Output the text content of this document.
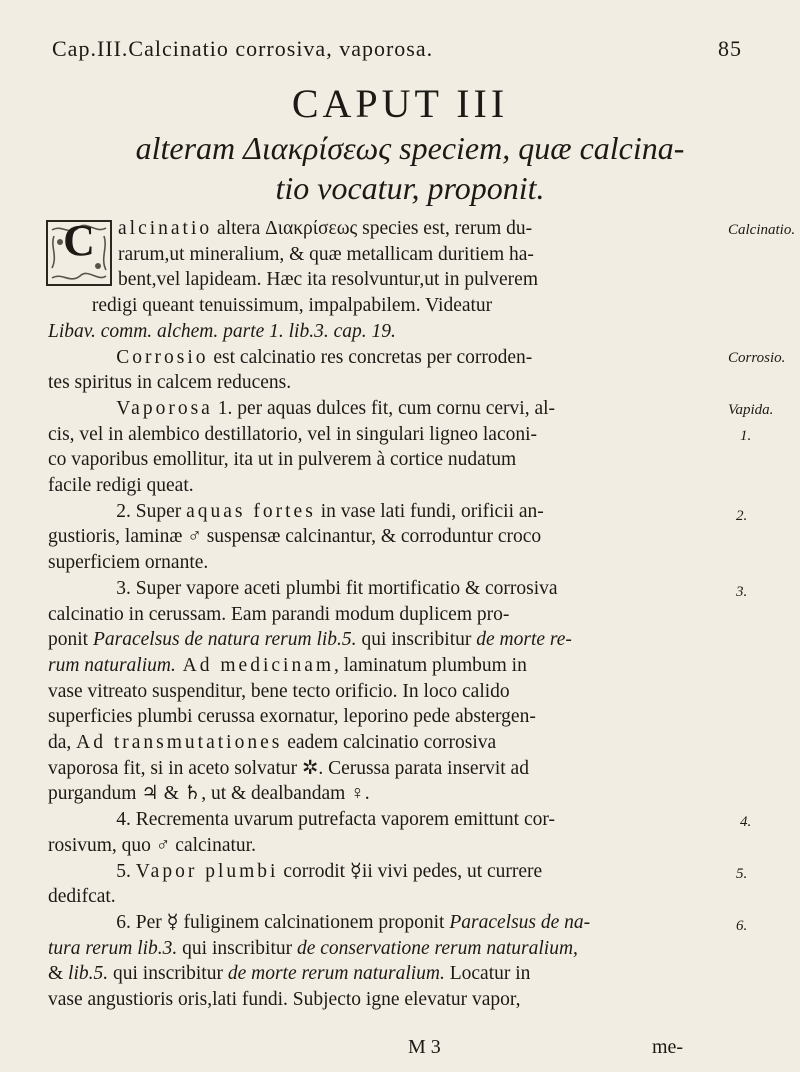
Cap.III.Calcinatio corrosiva, vaporosa.	85
CAPUT III
alteram Διακρίσεως speciem, quæ calcina-
tio vocatur, proponit.
C	alcinatio altera Διακρίσεως species est, rerum du-
rarum,ut mineralium, & quæ metallicam duritiem ha-
bent,vel lapideam. Hæc ita resolvuntur,ut in pulverem
redigi queant tenuissimum, impalpabilem. Videatur
Libav. comm. alchem. parte 1. lib.3. cap. 19.
Corrosio est calcinatio res concretas per corroden-
tes spiritus in calcem reducens.
Vaporosa 1. per aquas dulces fit, cum cornu cervi, al-
cis, vel in alembico destillatorio, vel in singulari ligneo laconi-
co vaporibus emollitur, ita ut in pulverem à cortice nudatum
facile redigi queat.
2. Super aquas fortes in vase lati fundi, orificii an-
gustioris, laminæ ♂ suspensæ calcinantur, & corroduntur croco
superficiem ornante.
3. Super vapore aceti plumbi fit mortificatio & corrosiva
calcinatio in cerussam. Eam parandi modum duplicem pro-
ponit Paracelsus de natura rerum lib.5. qui inscribitur de morte re-
rum naturalium. Ad medicinam, laminatum plumbum in
vase vitreato suspenditur, bene tecto orificio. In loco calido
superficies plumbi cerussa exornatur, leporino pede abstergen-
da, Ad transmutationes eadem calcinatio corrosiva
vaporosa fit, si in aceto solvatur ✲. Cerussa parata inservit ad
purgandum ♃ & ♄, ut & dealbandam ♀.
4. Recrementa uvarum putrefacta vaporem emittunt cor-
rosivum, quo ♂ calcinatur.
5. Vapor plumbi corrodit ☿ii vivi pedes, ut currere
dedifcat.
6. Per ☿ fuliginem calcinationem proponit Paracelsus de na-
tura rerum lib.3. qui inscribitur de conservatione rerum naturalium,
& lib.5. qui inscribitur de morte rerum naturalium. Locatur in
vase angustioris oris,lati fundi. Subjecto igne elevatur vapor,
Calcinatio.
Corrosio.
Vapida.
1.
2.
3.
4.
5.
6.
M 3	me-
